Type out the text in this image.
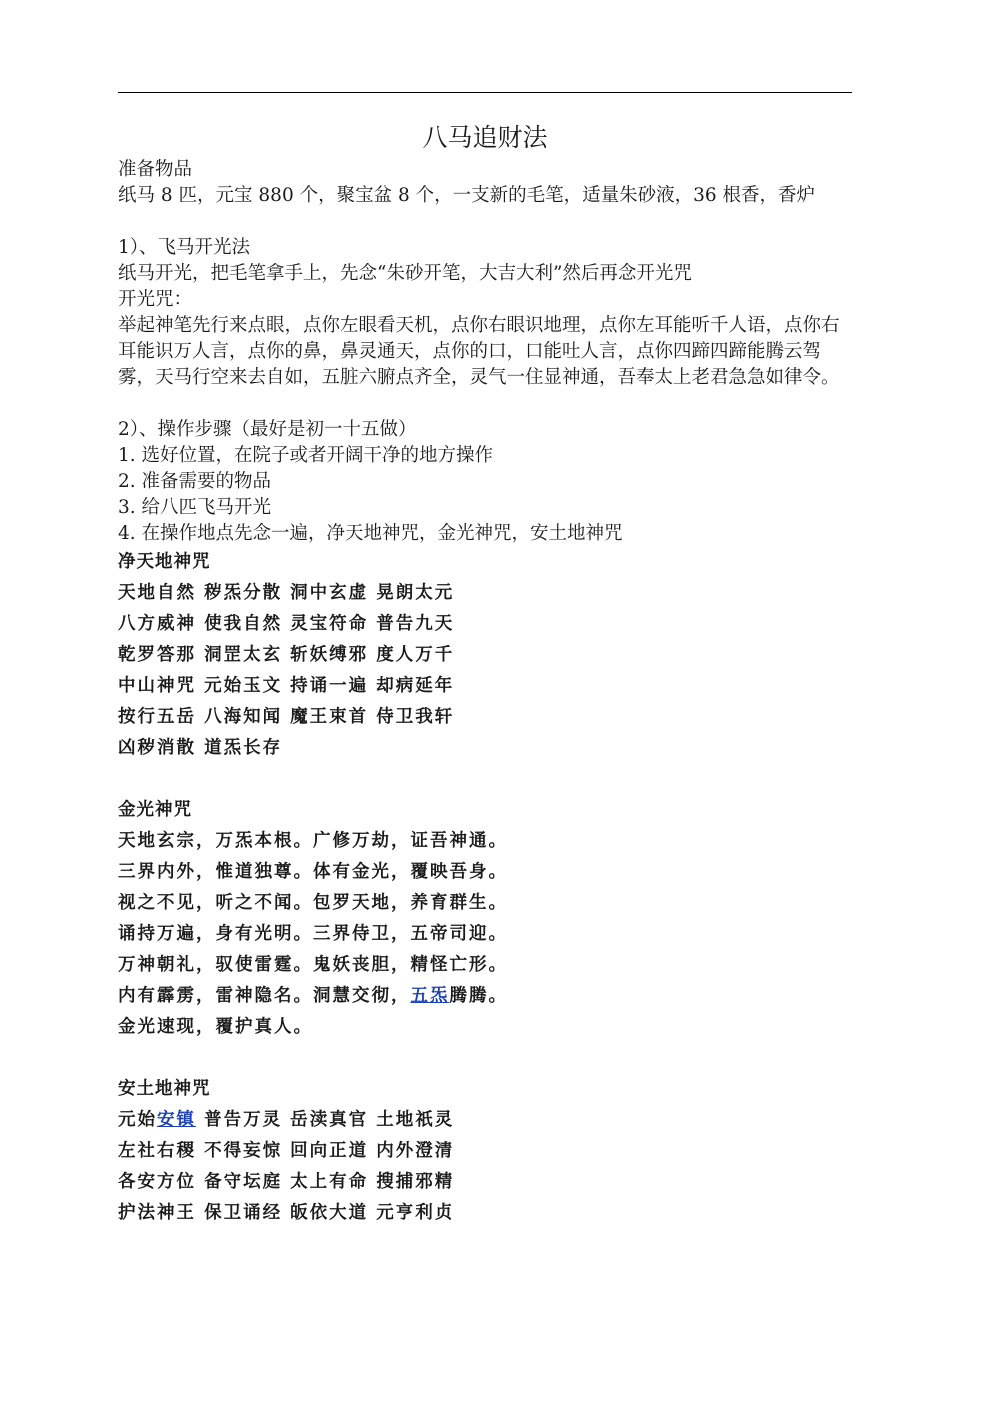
八马追财法

准备物品

纸马 8 匹，元宝 880 个，聚宝盆 8 个，一支新的毛笔，适量朱砂液，36 根香，香炉

1）、飞马开光法

纸马开光，把毛笔拿手上，先念“朱砂开笔，大吉大利”然后再念开光咒

开光咒：

举起神笔先行来点眼，点你左眼看天机，点你右眼识地理，点你左耳能听千人语，点你右耳能识万人言，点你的鼻，鼻灵通天，点你的口，口能吐人言，点你四蹄四蹄能腾云驾雾，天马行空来去自如，五脏六腑点齐全，灵气一住显神通，吾奉太上老君急急如律令。

2）、操作步骤（最好是初一十五做）

1. 选好位置，在院子或者开阔干净的地方操作

2. 准备需要的物品

3. 给八匹飞马开光

4. 在操作地点先念一遍，净天地神咒，金光神咒，安土地神咒

净天地神咒

天地自然 秽炁分散 洞中玄虚 晃朗太元

八方威神 使我自然 灵宝符命 普告九天

乾罗答那 洞罡太玄 斩妖缚邪 度人万千

中山神咒 元始玉文 持诵一遍 却病延年

按行五岳 八海知闻 魔王束首 侍卫我轩

凶秽消散 道炁长存

金光神咒

天地玄宗，万炁本根。广修万劫，证吾神通。

三界内外，惟道独尊。体有金光，覆映吾身。

视之不见，听之不闻。包罗天地，养育群生。

诵持万遍，身有光明。三界侍卫，五帝司迎。

万神朝礼，驭使雷霆。鬼妖丧胆，精怪亡形。

内有霹雳，雷神隐名。洞慧交彻，五炁腾腾。

金光速现，覆护真人。

安土地神咒

元始安镇 普告万灵 岳渎真官 土地祇灵

左社右稷 不得妄惊 回向正道 内外澄清

各安方位 备守坛庭 太上有命 搜捕邪精

护法神王 保卫诵经 皈依大道 元亨利贞
